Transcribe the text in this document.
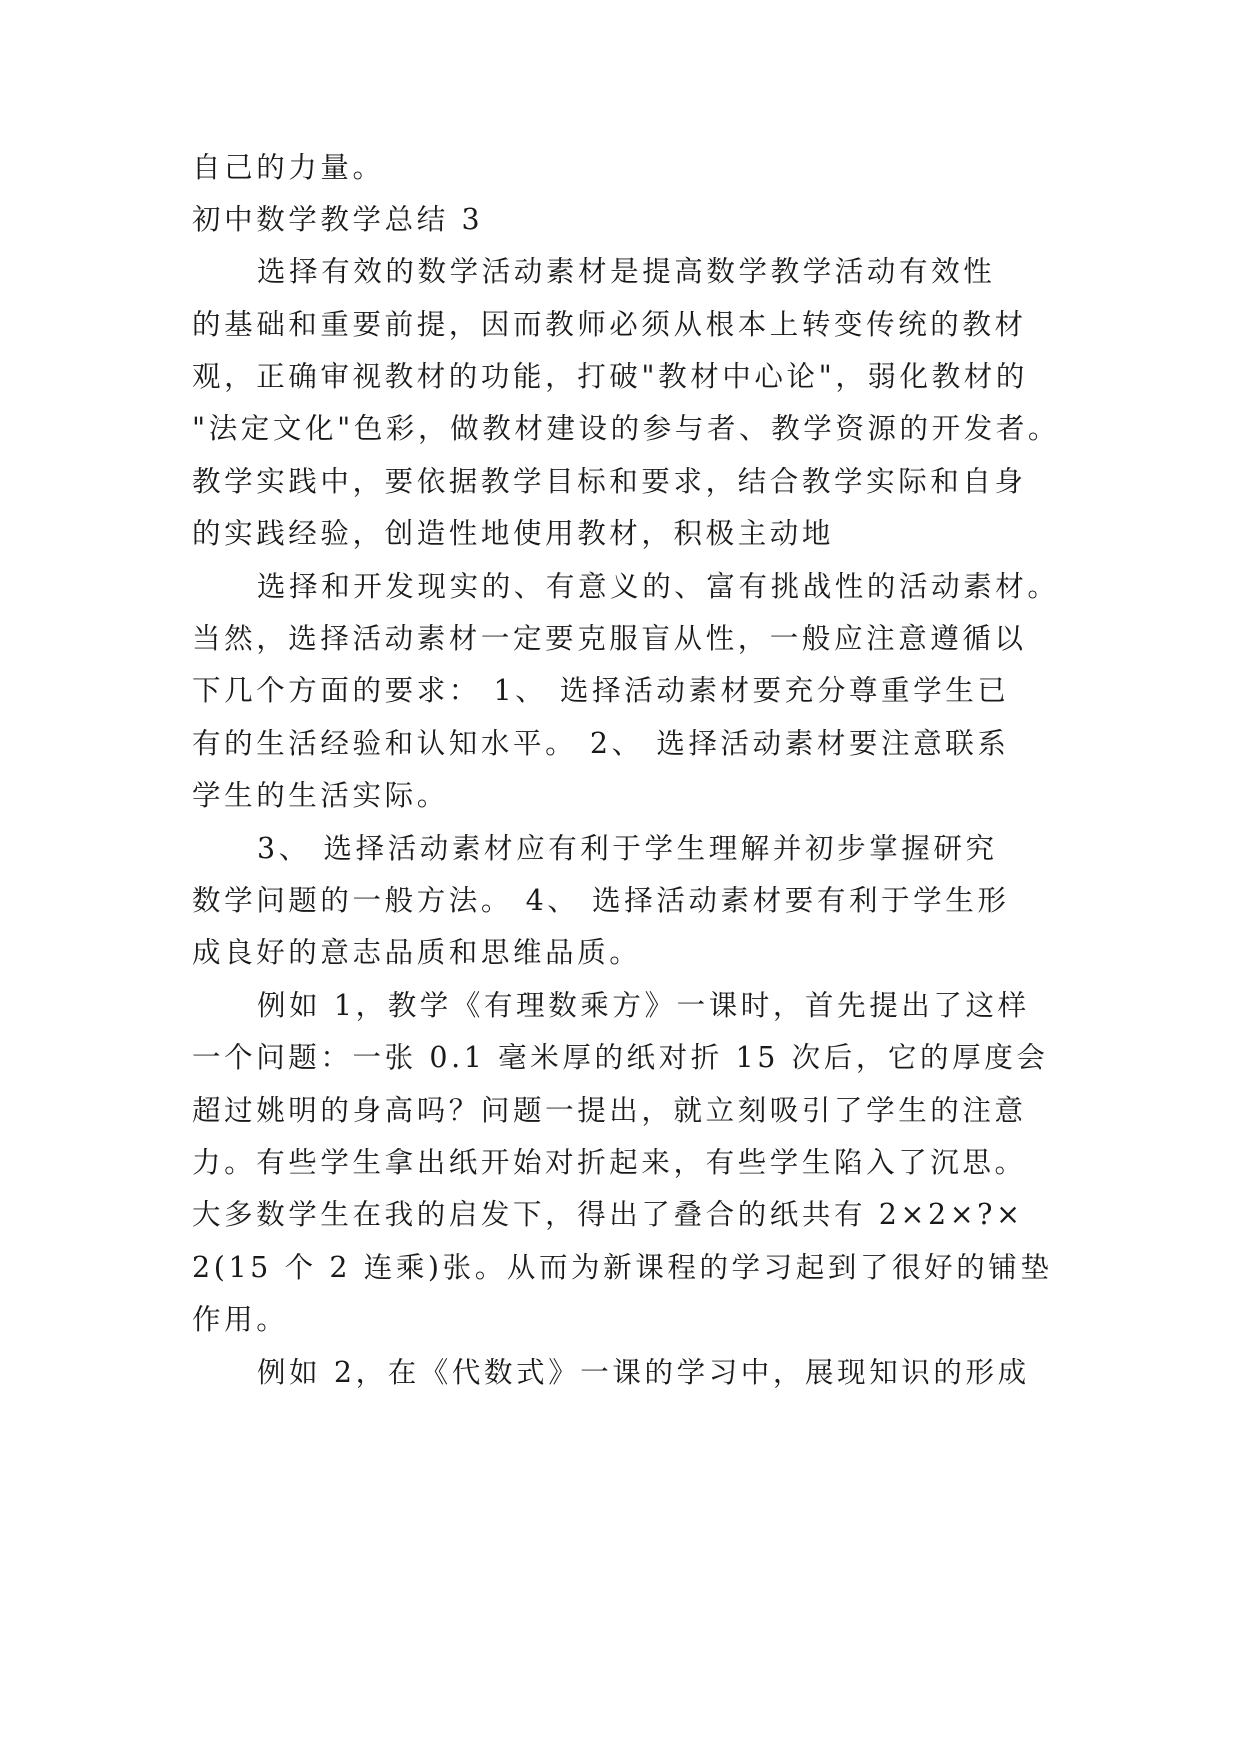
自己的力量。
初中数学教学总结 3
选择有效的数学活动素材是提高数学教学活动有效性
的基础和重要前提，因而教师必须从根本上转变传统的教材
观，正确审视教材的功能，打破"教材中心论"，弱化教材的
"法定文化"色彩，做教材建设的参与者、教学资源的开发者。
教学实践中，要依据教学目标和要求，结合教学实际和自身
的实践经验，创造性地使用教材，积极主动地
选择和开发现实的、有意义的、富有挑战性的活动素材。
当然，选择活动素材一定要克服盲从性，一般应注意遵循以
下几个方面的要求： 1、 选择活动素材要充分尊重学生已
有的生活经验和认知水平。 2、 选择活动素材要注意联系
学生的生活实际。
3、 选择活动素材应有利于学生理解并初步掌握研究
数学问题的一般方法。 4、 选择活动素材要有利于学生形
成良好的意志品质和思维品质。
例如 1，教学《有理数乘方》一课时，首先提出了这样
一个问题：一张 0.1 毫米厚的纸对折 15 次后，它的厚度会
超过姚明的身高吗？问题一提出，就立刻吸引了学生的注意
力。有些学生拿出纸开始对折起来，有些学生陷入了沉思。
大多数学生在我的启发下，得出了叠合的纸共有 2×2×?×
2(15 个 2 连乘)张。从而为新课程的学习起到了很好的铺垫
作用。
例如 2，在《代数式》一课的学习中，展现知识的形成
